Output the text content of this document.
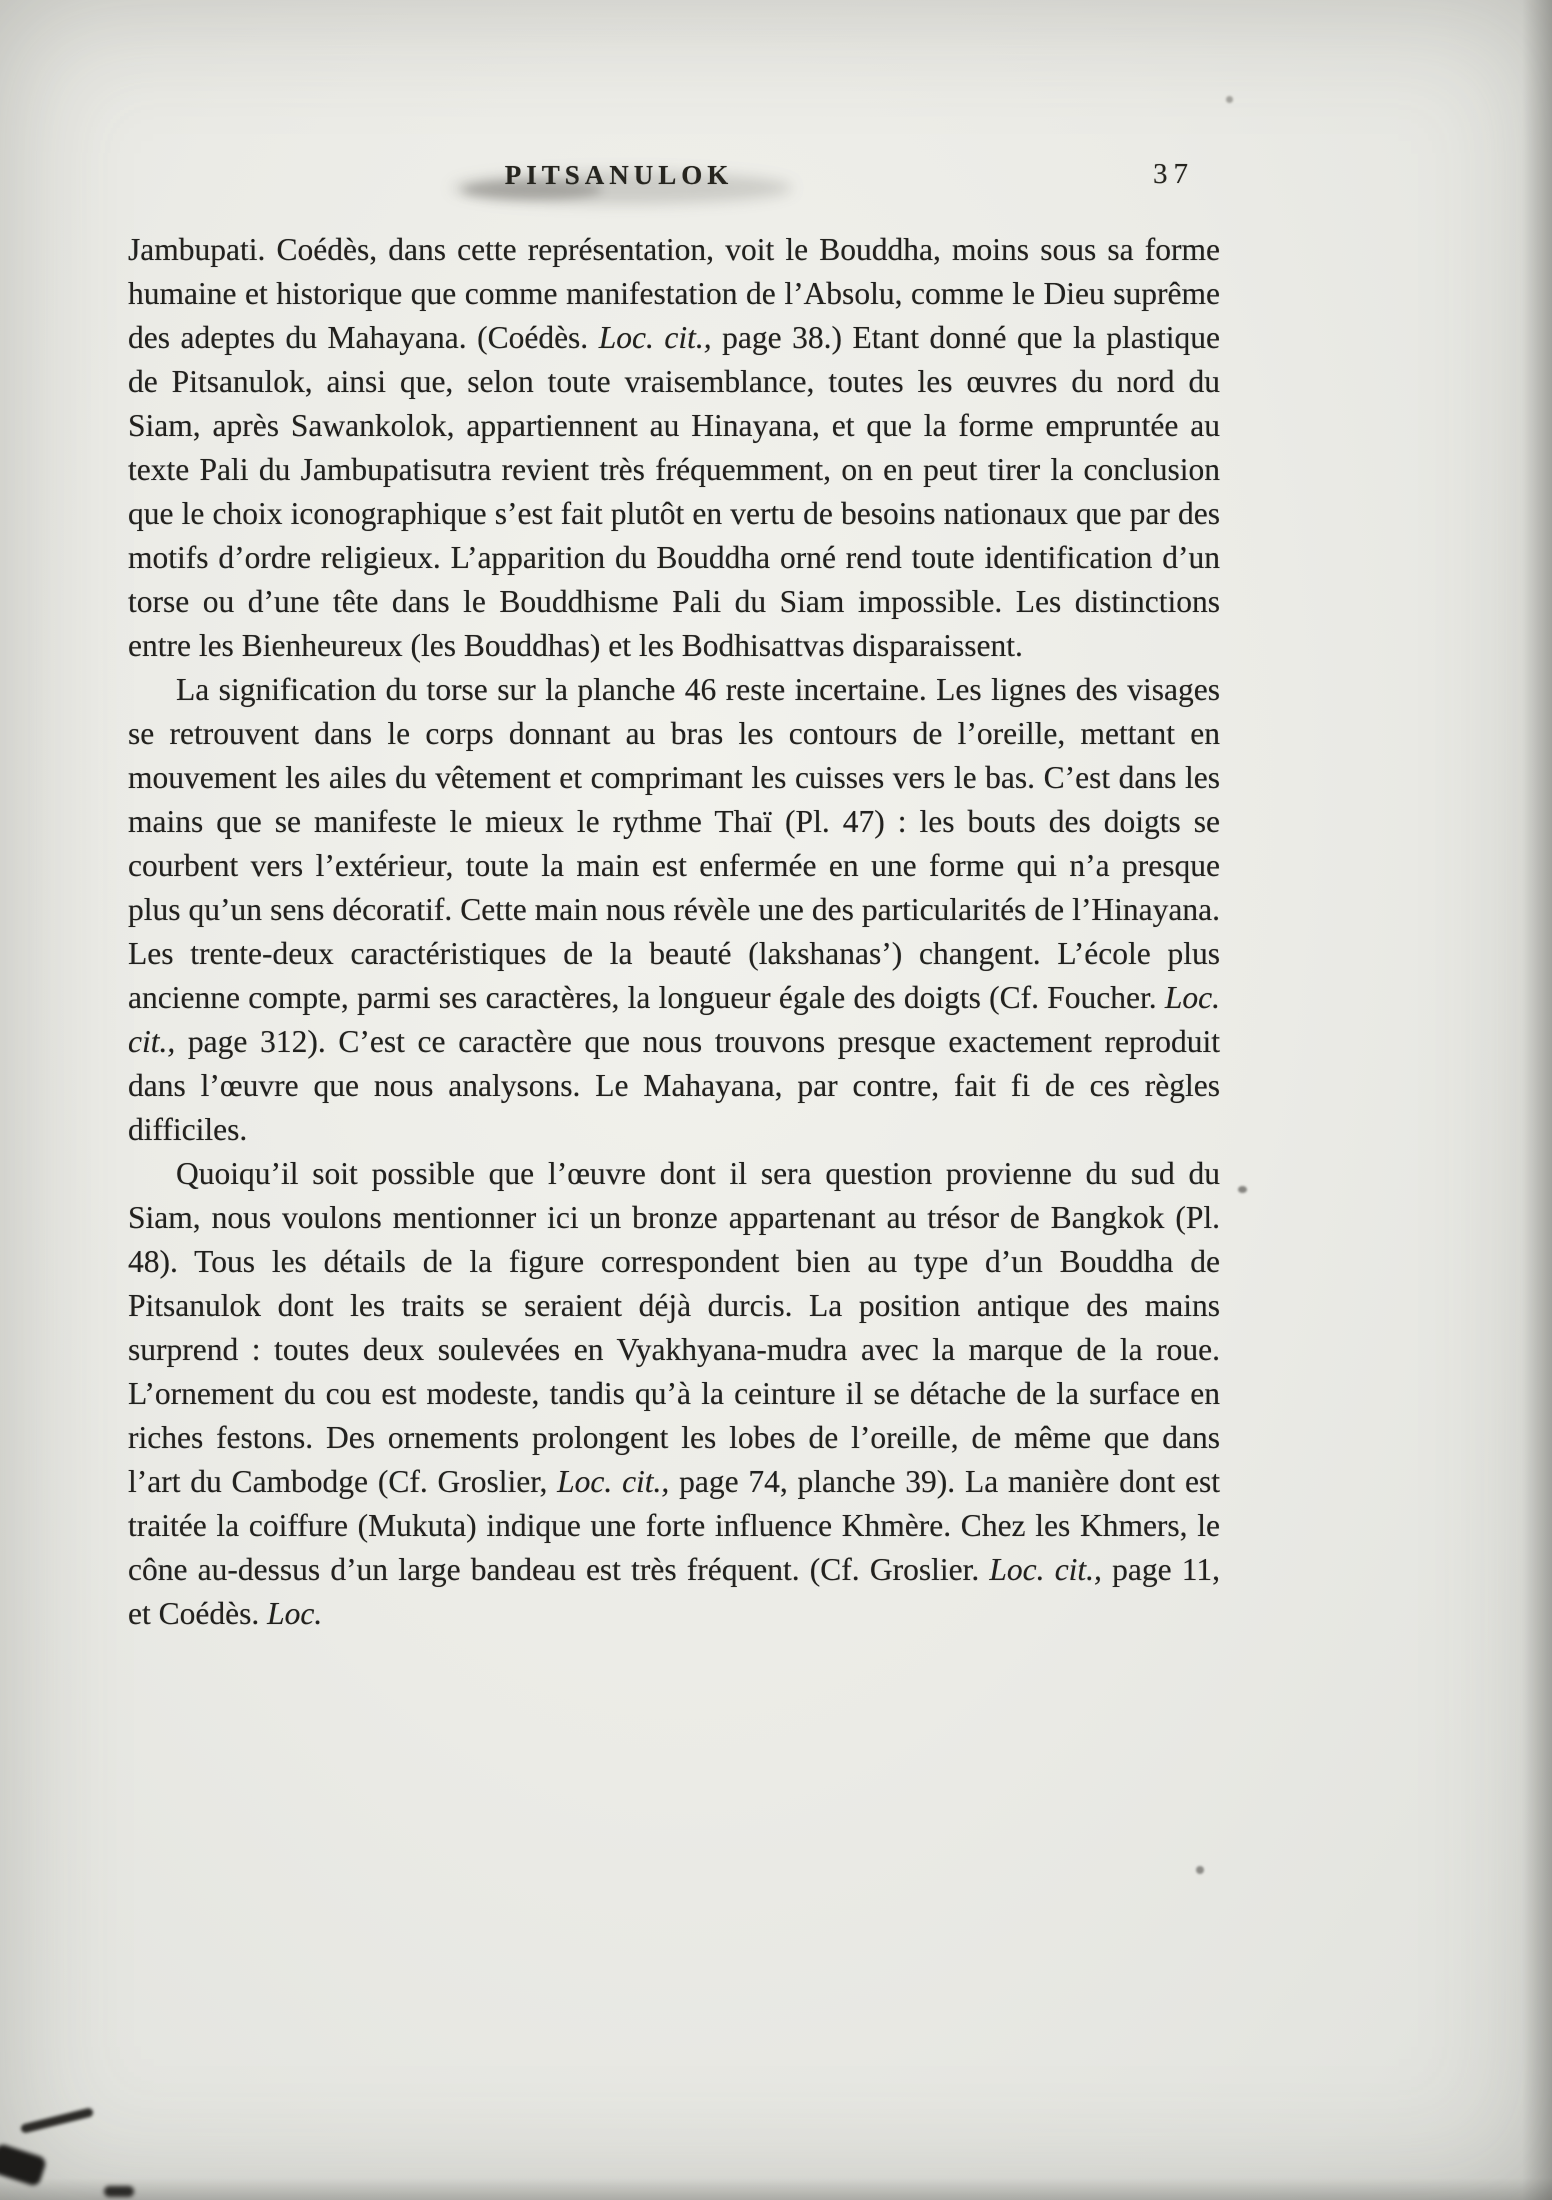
PITSANULOK	37

Jambupati. Coédès, dans cette représentation, voit le Bouddha, moins sous sa forme humaine et historique que comme manifestation de l’Absolu, comme le Dieu suprême des adeptes du Mahayana. (Coédès. Loc. cit., page 38.) Etant donné que la plastique de Pitsanulok, ainsi que, selon toute vraisemblance, toutes les œuvres du nord du Siam, après Sawankolok, appartiennent au Hinayana, et que la forme empruntée au texte Pali du Jambupatisutra revient très fréquemment, on en peut tirer la conclusion que le choix iconographique s’est fait plutôt en vertu de besoins nationaux que par des motifs d’ordre religieux. L’apparition du Bouddha orné rend toute identification d’un torse ou d’une tête dans le Bouddhisme Pali du Siam impossible. Les distinctions entre les Bienheureux (les Bouddhas) et les Bodhisattvas disparaissent.

La signification du torse sur la planche 46 reste incertaine. Les lignes des visages se retrouvent dans le corps donnant au bras les contours de l’oreille, mettant en mouvement les ailes du vêtement et comprimant les cuisses vers le bas. C’est dans les mains que se manifeste le mieux le rythme Thaï (Pl. 47) : les bouts des doigts se courbent vers l’extérieur, toute la main est enfermée en une forme qui n’a presque plus qu’un sens décoratif. Cette main nous révèle une des particularités de l’Hinayana. Les trente-deux caractéristiques de la beauté (lakshanas’) changent. L’école plus ancienne compte, parmi ses caractères, la longueur égale des doigts (Cf. Foucher. Loc. cit., page 312). C’est ce caractère que nous trouvons presque exactement reproduit dans l’œuvre que nous analysons. Le Mahayana, par contre, fait fi de ces règles difficiles.

Quoiqu’il soit possible que l’œuvre dont il sera question provienne du sud du Siam, nous voulons mentionner ici un bronze appartenant au trésor de Bangkok (Pl. 48). Tous les détails de la figure correspondent bien au type d’un Bouddha de Pitsanulok dont les traits se seraient déjà durcis. La position antique des mains surprend : toutes deux soulevées en Vyakhyana-mudra avec la marque de la roue. L’ornement du cou est modeste, tandis qu’à la ceinture il se détache de la surface en riches festons. Des ornements prolongent les lobes de l’oreille, de même que dans l’art du Cambodge (Cf. Groslier, Loc. cit., page 74, planche 39). La manière dont est traitée la coiffure (Mukuta) indique une forte influence Khmère. Chez les Khmers, le cône au-dessus d’un large bandeau est très fréquent. (Cf. Groslier. Loc. cit., page 11, et Coédès. Loc.
